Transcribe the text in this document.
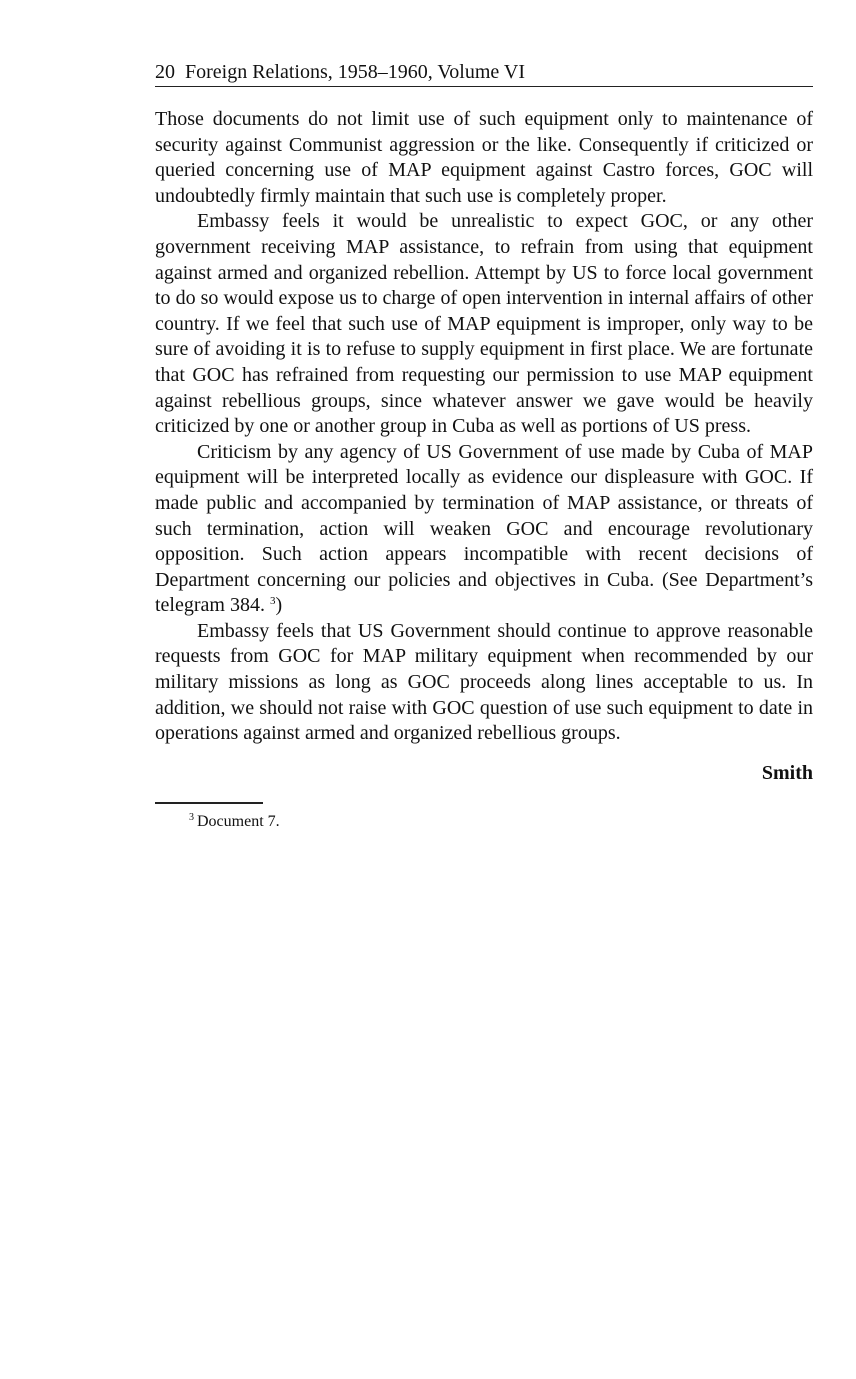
20 Foreign Relations, 1958–1960, Volume VI

Those documents do not limit use of such equipment only to maintenance of security against Communist aggression or the like. Consequently if criticized or queried concerning use of MAP equipment against Castro forces, GOC will undoubtedly firmly maintain that such use is completely proper.

Embassy feels it would be unrealistic to expect GOC, or any other government receiving MAP assistance, to refrain from using that equipment against armed and organized rebellion. Attempt by US to force local government to do so would expose us to charge of open intervention in internal affairs of other country. If we feel that such use of MAP equipment is improper, only way to be sure of avoiding it is to refuse to supply equipment in first place. We are fortunate that GOC has refrained from requesting our permission to use MAP equipment against rebellious groups, since whatever answer we gave would be heavily criticized by one or another group in Cuba as well as portions of US press.

Criticism by any agency of US Government of use made by Cuba of MAP equipment will be interpreted locally as evidence our displeasure with GOC. If made public and accompanied by termination of MAP assistance, or threats of such termination, action will weaken GOC and encourage revolutionary opposition. Such action appears incompatible with recent decisions of Department concerning our policies and objectives in Cuba. (See Department’s telegram 384. $^3$)

Embassy feels that US Government should continue to approve reasonable requests from GOC for MAP military equipment when recommended by our military missions as long as GOC proceeds along lines acceptable to us. In addition, we should not raise with GOC question of use such equipment to date in operations against armed and organized rebellious groups.

Smith
$^3$ Document 7.
